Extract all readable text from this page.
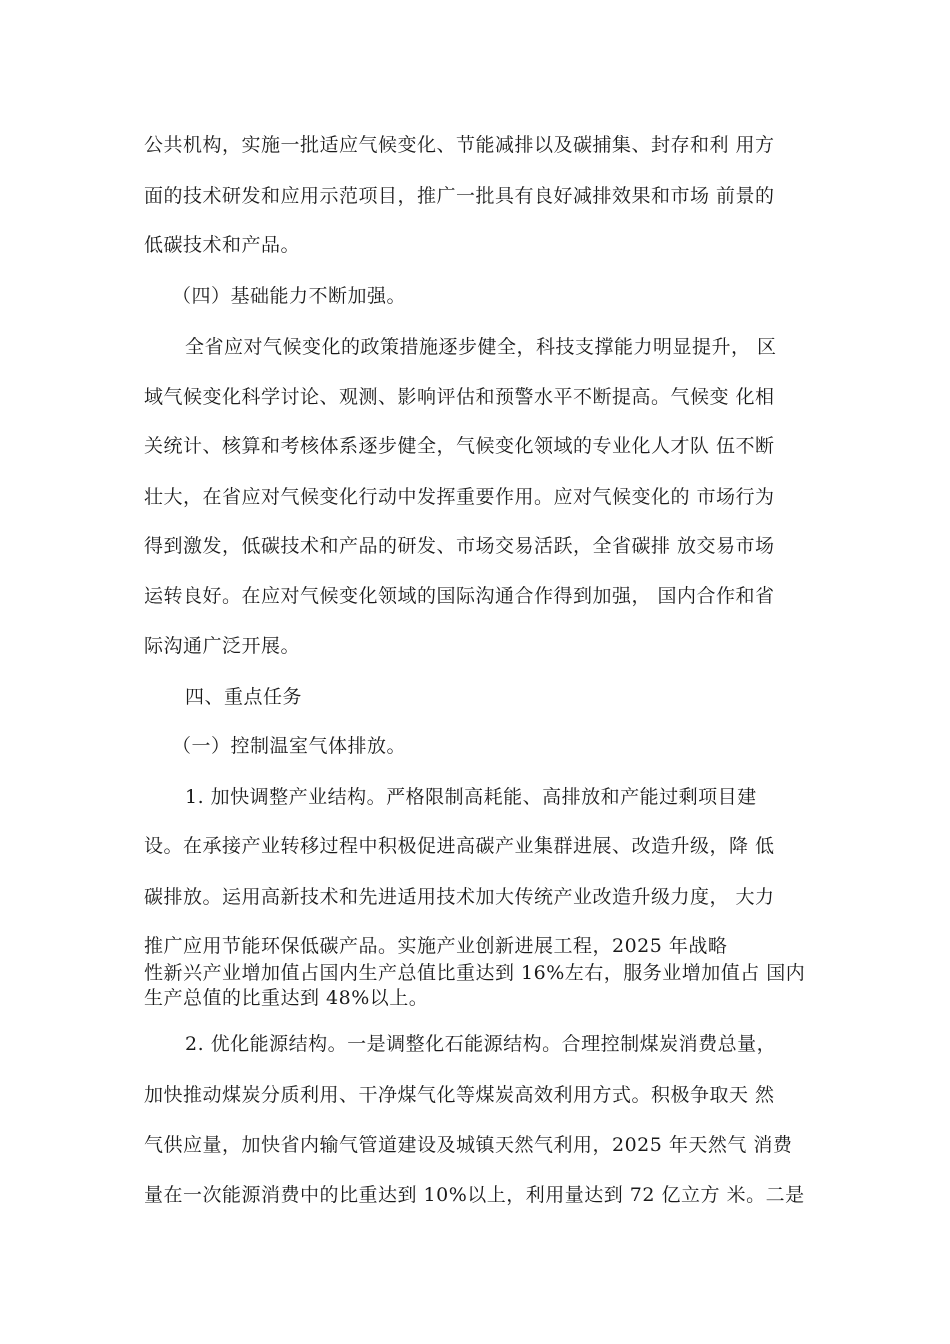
公共机构，实施一批适应气候变化、节能减排以及碳捕集、封存和利 用方
面的技术研发和应用示范项目，推广一批具有良好减排效果和市场 前景的
低碳技术和产品。
（四）基础能力不断加强。
全省应对气候变化的政策措施逐步健全，科技支撑能力明显提升， 区
域气候变化科学讨论、观测、影响评估和预警水平不断提高。气候变 化相
关统计、核算和考核体系逐步健全，气候变化领域的专业化人才队 伍不断
壮大，在省应对气候变化行动中发挥重要作用。应对气候变化的 市场行为
得到激发，低碳技术和产品的研发、市场交易活跃，全省碳排 放交易市场
运转良好。在应对气候变化领域的国际沟通合作得到加强， 国内合作和省
际沟通广泛开展。
四、重点任务
（一）控制温室气体排放。
1. 加快调整产业结构。严格限制高耗能、高排放和产能过剩项目建
设。在承接产业转移过程中积极促进高碳产业集群进展、改造升级，降 低
碳排放。运用高新技术和先进适用技术加大传统产业改造升级力度， 大力
推广应用节能环保低碳产品。实施产业创新进展工程，2025 年战略
性新兴产业增加值占国内生产总值比重达到 16%左右，服务业增加值占 国内
生产总值的比重达到 48%以上。
2. 优化能源结构。一是调整化石能源结构。合理控制煤炭消费总量，
加快推动煤炭分质利用、干净煤气化等煤炭高效利用方式。积极争取天 然
气供应量，加快省内输气管道建设及城镇天然气利用，2025 年天然气 消费
量在一次能源消费中的比重达到 10%以上，利用量达到 72 亿立方 米。二是
